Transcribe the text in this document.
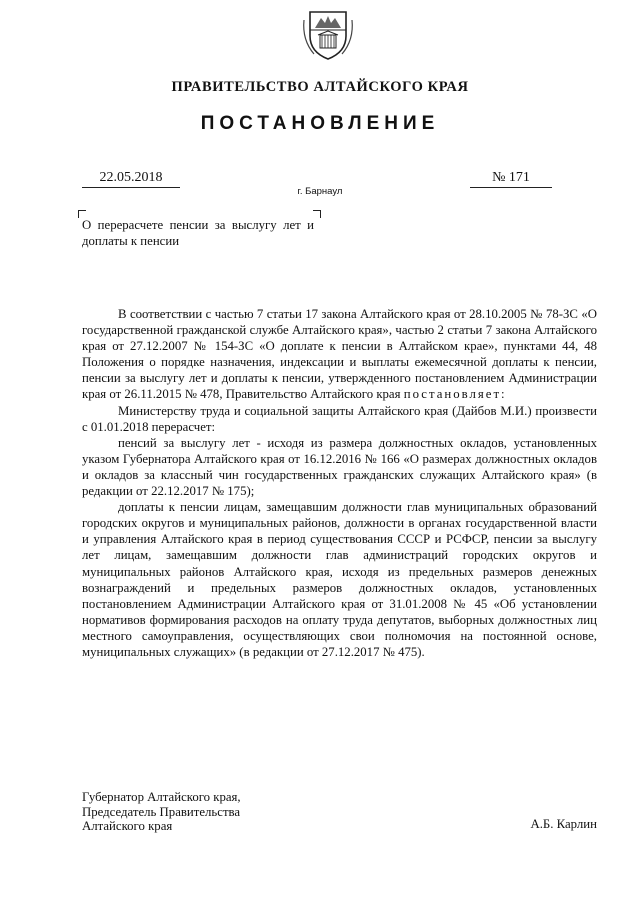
ПРАВИТЕЛЬСТВО АЛТАЙСКОГО КРАЯ
ПОСТАНОВЛЕНИЕ
22.05.2018	№ 171
г. Барнаул
О перерасчете пенсии за выслугу лет и доплаты к пенсии

В соответствии с частью 7 статьи 17 закона Алтайского края от 28.10.2005 № 78-ЗС «О государственной гражданской службе Алтайского края», частью 2 статьи 7 закона Алтайского края от 27.12.2007 № 154-ЗС «О доплате к пенсии в Алтайском крае», пунктами 44, 48 Положения о порядке назначения, индексации и выплаты ежемесячной доплаты к пенсии, пенсии за выслугу лет и доплаты к пенсии, утвержденного постановлением Администрации края от 26.11.2015 № 478, Правительство Алтайского края постановляет:

Министерству труда и социальной защиты Алтайского края (Дайбов М.И.) произвести с 01.01.2018 перерасчет:

пенсий за выслугу лет - исходя из размера должностных окладов, установленных указом Губернатора Алтайского края от 16.12.2016 № 166 «О размерах должностных окладов и окладов за классный чин государственных гражданских служащих Алтайского края» (в редакции от 22.12.2017 № 175);

доплаты к пенсии лицам, замещавшим должности глав муниципальных образований городских округов и муниципальных районов, должности в органах государственной власти и управления Алтайского края в период существования СССР и РСФСР, пенсии за выслугу лет лицам, замещавшим должности глав администраций городских округов и муниципальных районов Алтайского края, исходя из предельных размеров денежных вознаграждений и предельных размеров должностных окладов, установленных постановлением Администрации Алтайского края от 31.01.2008 № 45 «Об установлении нормативов формирования расходов на оплату труда депутатов, выборных должностных лиц местного самоуправления, осуществляющих свои полномочия на постоянной основе, муниципальных служащих» (в редакции от 27.12.2017 № 475).

Губернатор Алтайского края,
Председатель Правительства
Алтайского края	А.Б. Карлин
